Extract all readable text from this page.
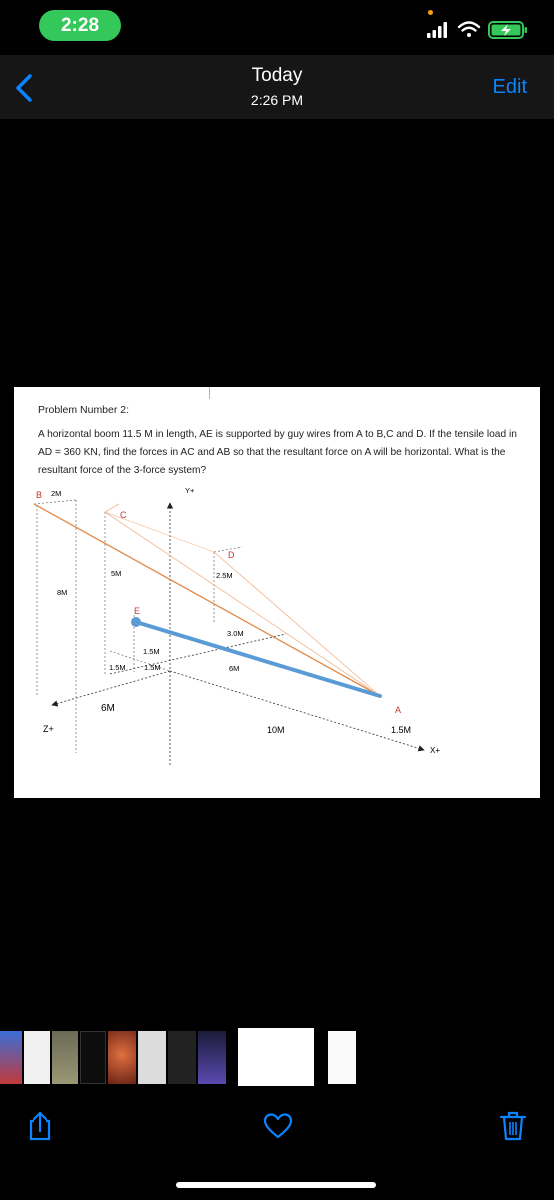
2:28
Today
2:26 PM
Edit
Problem Number 2:
A horizontal boom 11.5 M in length, AE is supported by guy wires from A to B,C and D. If the tensile load in AD = 360 KN, find the forces in AC and AB so that the resultant force on A will be horizontal. What is the resultant force of the 3-force system?
B 2M	Y+
C
D
5M	2.5M
8M
E
3.0M
1.5M
1.5M 1.5M	6M
A
6M
Z+	10M	1.5M
X+
